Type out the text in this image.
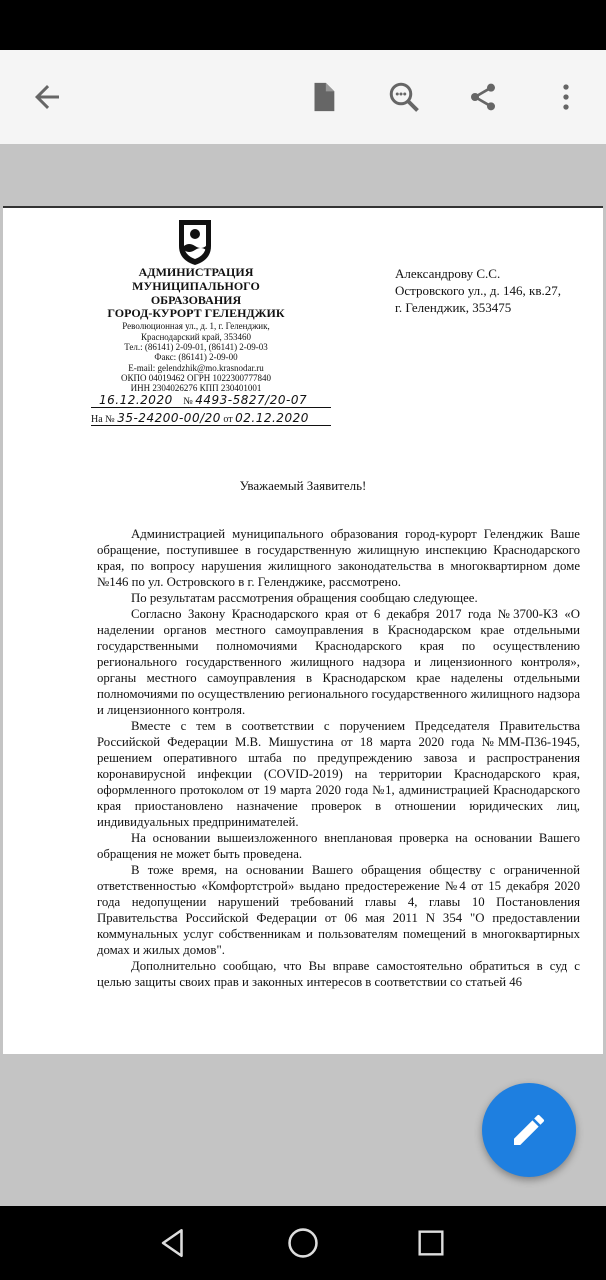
АДМИНИСТРАЦИЯ
МУНИЦИПАЛЬНОГО
ОБРАЗОВАНИЯ
ГОРОД-КУРОРТ ГЕЛЕНДЖИК
Революционная ул., д. 1, г. Геленджик,
Краснодарский край, 353460
Тел.: (86141) 2-09-01, (86141) 2-09-03
Факс: (86141) 2-09-00
E-mail: gelendzhik@mo.krasnodar.ru
ОКПО 04019462 ОГРН 1022300777840
ИНН 2304026276 КПП 230401001
16.12.2020 № 4493-5827/20-07
На № 35-24200-00/20 от 02.12.2020
Александрову С.С.
Островского ул., д. 146, кв.27,
г. Геленджик, 353475
Уважаемый Заявитель!

Администрацией муниципального образования город-курорт Геленджик Ваше обращение, поступившее в государственную жилищную инспекцию Краснодарского края, по вопросу нарушения жилищного законодательства в многоквартирном доме №146 по ул. Островского в г. Геленджике, рассмотрено.

По результатам рассмотрения обращения сообщаю следующее.

Согласно Закону Краснодарского края от 6 декабря 2017 года №3700-КЗ «О наделении органов местного самоуправления в Краснодарском крае отдельными государственными полномочиями Краснодарского края по осуществлению регионального государственного жилищного надзора и лицензионного контроля», органы местного самоуправления в Краснодарском крае наделены отдельными полномочиями по осуществлению регионального государственного жилищного надзора и лицензионного контроля.

Вместе с тем в соответствии с поручением Председателя Правительства Российской Федерации М.В. Мишустина от 18 марта 2020 года №ММ-П36-1945, решением оперативного штаба по предупреждению завоза и распространения коронавирусной инфекции (COVID-2019) на территории Краснодарского края, оформленного протоколом от 19 марта 2020 года №1, администрацией Краснодарского края приостановлено назначение проверок в отношении юридических лиц, индивидуальных предпринимателей.

На основании вышеизложенного внеплановая проверка на основании Вашего обращения не может быть проведена.

В тоже время, на основании Вашего обращения обществу с ограниченной ответственностью «Комфортстрой» выдано предостережение №4 от 15 декабря 2020 года недопущении нарушений требований главы 4, главы 10 Постановления Правительства Российской Федерации от 06 мая 2011 N 354 "О предоставлении коммунальных услуг собственникам и пользователям помещений в многоквартирных домах и жилых домов".

Дополнительно сообщаю, что Вы вправе самостоятельно обратиться в суд с целью защиты своих прав и законных интересов в соответствии со статьей 46
